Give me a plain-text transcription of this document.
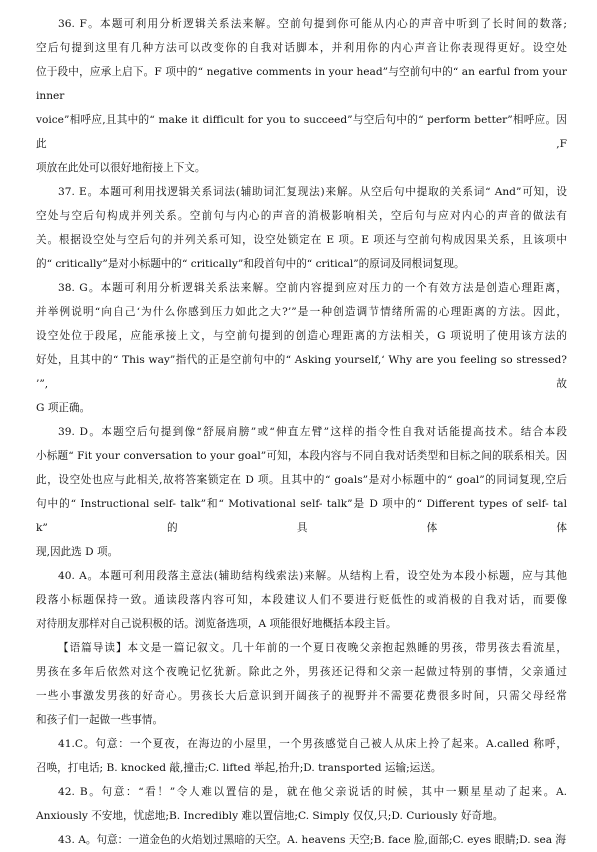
36. F。本题可利用分析逻辑关系法来解。空前句提到你可能从内心的声音中听到了长时间的数落;

空后句提到这里有几种方法可以改变你的自我对话脚本，并利用你的内心声音让你表现得更好。设空处

位于段中，应承上启下。F 项中的“ negative comments in your head”与空前句中的“ an earful from your inner

voice”相呼应,且其中的“ make it difficult for you to succeed”与空后句中的“ perform better”相呼应。因此,F

项放在此处可以很好地衔接上下文。

37. E。本题可利用找逻辑关系词法(辅助词汇复现法)来解。从空后句中提取的关系词“ And”可知，设

空处与空后句构成并列关系。空前句与内心的声音的消极影响相关，空后句与应对内心的声音的做法有

关。根据设空处与空后句的并列关系可知，设空处锁定在 E 项。E 项还与空前句构成因果关系，且该项中

的“ critically”是对小标题中的“ critically”和段首句中的“ critical”的原词及同根词复现。

38. G。本题可利用分析逻辑关系法来解。空前内容提到应对压力的一个有效方法是创造心理距离，

并举例说明“向自己‘为什么你感到压力如此之大?’”是一种创造调节情绪所需的心理距离的方法。因此，

设空处位于段尾，应能承接上文，与空前句提到的创造心理距离的方法相关，G 项说明了使用该方法的

好处，且其中的“ This way”指代的正是空前句中的“ Asking yourself,‘ Why are you feeling so stressed? ’”,故

G 项正确。

39. D。本题空后句提到像“舒展肩膀”或“伸直左臂”这样的指令性自我对话能提高技术。结合本段

小标题“ Fit your conversation to your goal”可知，本段内容与不同自我对话类型和目标之间的联系相关。因

此，设空处也应与此相关,故将答案锁定在 D 项。且其中的“ goals”是对小标题中的“ goal”的同词复现,空后

句中的“ Instructional self- talk”和“ Motivational self- talk”是 D 项中的“ Different types of self- talk”的具体体

现,因此选 D 项。

40. A。本题可利用段落主意法(辅助结构线索法)来解。从结构上看，设空处为本段小标题，应与其他

段落小标题保持一致。通读段落内容可知，本段建议人们不要进行贬低性的或消极的自我对话，而要像

对待朋友那样对自己说积极的话。浏览备选项，A 项能很好地概括本段主旨。

【语篇导读】本文是一篇记叙文。几十年前的一个夏日夜晚父亲抱起熟睡的男孩，带男孩去看流星，

男孩在多年后依然对这个夜晚记忆犹新。除此之外，男孩还记得和父亲一起做过特别的事情，父亲通过

一些小事激发男孩的好奇心。男孩长大后意识到开阔孩子的视野并不需要花费很多时间，只需父母经常

和孩子们一起做一些事情。

41.C。句意：一个夏夜，在海边的小屋里，一个男孩感觉自己被人从床上拎了起来。A.called 称呼，

召唤，打电话; B. knocked 敲,撞击;C. lifted 举起,抬升;D. transported 运输;运送。

42. B。句意：“看！”令人难以置信的是，就在他父亲说话的时候，其中一颗星星动了起来。A.

Anxiously 不安地，忧虑地;B. Incredibly 难以置信地;C. Simply 仅仅,只;D. Curiously 好奇地。

43. A。句意：一道金色的火焰划过黑暗的天空。A. heavens 天空;B. face 脸,面部;C. eyes 眼睛;D. sea 海
